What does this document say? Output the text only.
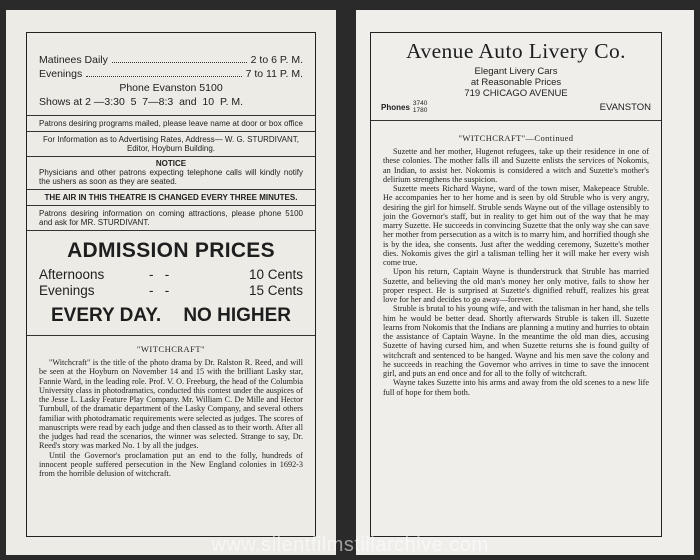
Matinees Daily	2 to 6 P. M.
Evenings	7 to 11 P. M.
Phone Evanston 5100
Shows at 2 —3:30  5  7—8:3  and  10  P. M.
Patrons desiring programs mailed, please leave name at door or box office
For Information as to Advertising Rates, Address— W. G. STURDIVANT, Editor, Hoyburn Building.
NOTICE
Physicians and other patrons expecting telephone calls will kindly notify the ushers as soon as they are seated.
THE AIR IN THIS THEATRE IS CHANGED EVERY THREE MINUTES.
Patrons desiring information on coming attractions, please phone 5100 and ask for MR. STURDIVANT.
ADMISSION PRICES
Afternoons	-   -	10 Cents
Evenings	-   -	15 Cents
EVERY DAY. NO HIGHER
"WITCHCRAFT"

"Witchcraft" is the title of the photo drama by Dr. Ralston R. Reed, and will be seen at the Hoyburn on November 14 and 15 with the brilliant Lasky star, Fannie Ward, in the leading role. Prof. V. O. Freeburg, the head of the Columbia University class in photodramatics, conducted this contest under the auspices of the Jesse L. Lasky Feature Play Company. Mr. William C. De Mille and Hector Turnbull, of the dramatic department of the Lasky Company, and several others familiar with photodramatic requirements were selected as judges. The scores of manuscripts were read by each judge and then classed as to their worth. After all the judges had read the scenarios, the winner was selected. Strange to say, Dr. Reed's story was marked No. 1 by all the judges.

Until the Governor's proclamation put an end to the folly, hundreds of innocent people suffered persecution in the New England colonies in 1692-3 from the horrible delusion of witchcraft.

Avenue Auto Livery Co.
Elegant Livery Cars
at Reasonable Prices
719 CHICAGO AVENUE
Phones 3740
1780	EVANSTON
"WITCHCRAFT"—Continued

Suzette and her mother, Hugenot refugees, take up their residence in one of these colonies. The mother falls ill and Suzette enlists the services of Nokomis, an Indian, to assist her. Nokomis is considered a witch and Suzette's mother's delirium strengthens the suspicion.

Suzette meets Richard Wayne, ward of the town miser, Makepeace Struble. He accompanies her to her home and is seen by old Struble who is very angry, desiring the girl for himself. Struble sends Wayne out of the village ostensibly to join the Governor's staff, but in reality to get him out of the way that he may marry Suzette. He succeeds in convincing Suzette that the only way she can save her mother from persecution as a witch is to marry him, and horrified though she is by the idea, she consents. Just after the wedding ceremony, Suzette's mother dies. Nokomis gives the girl a talisman telling her it will make her every wish come true.

Upon his return, Captain Wayne is thunderstruck that Struble has married Suzette, and believing the old man's money her only motive, fails to show her proper respect. He is surprised at Suzette's dignified rebuff, realizes his great love for her and decides to go away—forever.

Struble is brutal to his young wife, and with the talisman in her hand, she tells him he would be better dead. Shortly afterwards Struble is taken ill. Suzette learns from Nokomis that the Indians are planning a mutiny and hurries to obtain the assistance of Captain Wayne. In the meantime the old man dies, accusing Suzette of having cursed him, and when Suzette returns she is found guilty of witchcraft and sentenced to be hanged. Wayne and his men save the colony and he succeeds in reaching the Governor who arrives in time to save the innocent girl, and puts an end once and for all to the folly of witchcraft.

Wayne takes Suzette into his arms and away from the old scenes to a new life full of hope for them both.

www.silentfilmstillarchive.com
